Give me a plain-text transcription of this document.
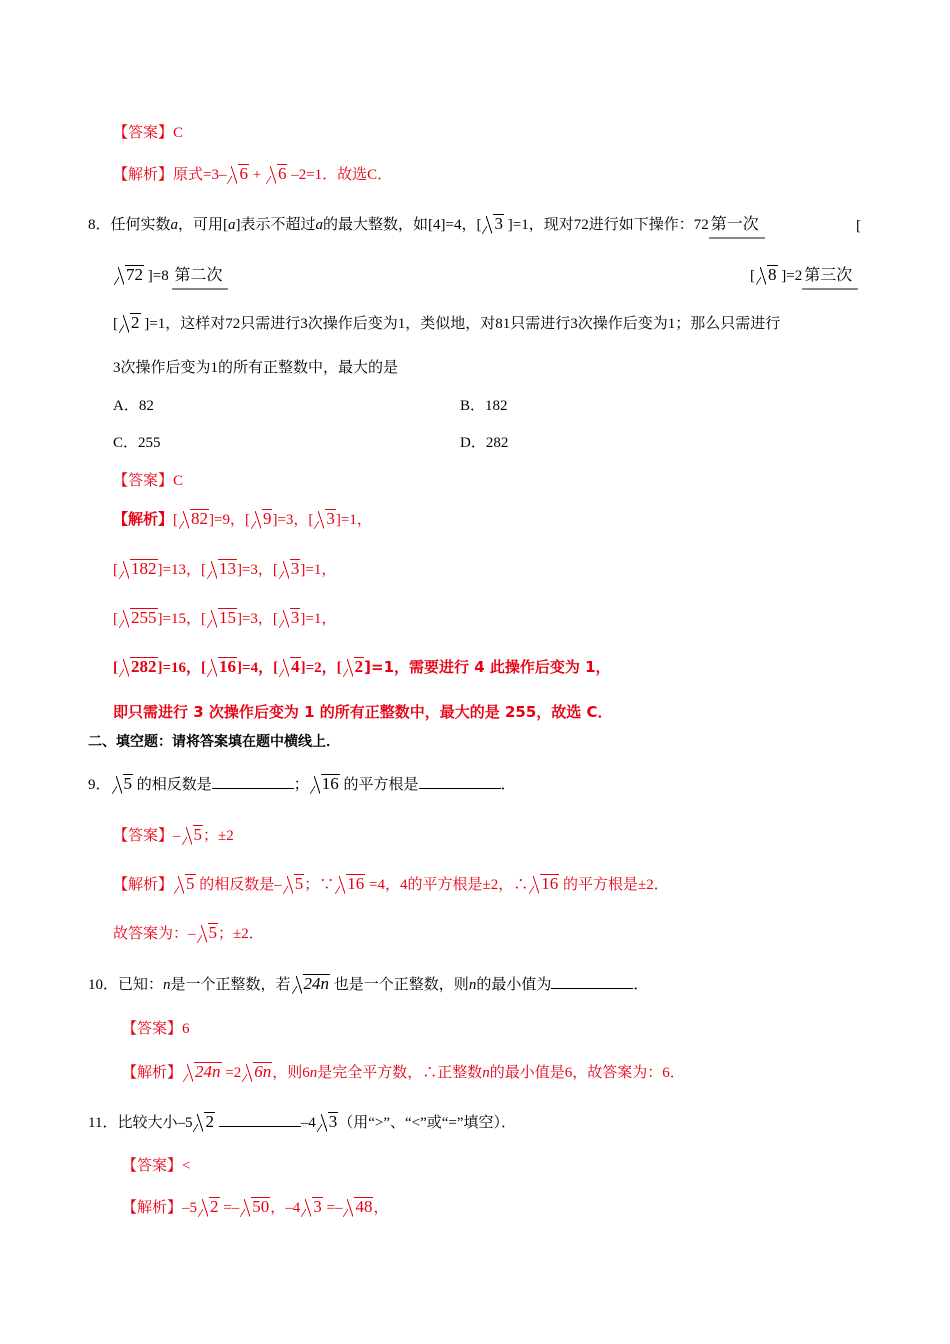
【答案】C
【解析】原式=3– 6 + 6 –2=1．故选C．
8．任何实数a，可用[a]表示不超过a的最大整数，如[4]=4，[ 3 ]=1，现对72进行如下操作：72 第一次	[
72 ]=8 第二次	[ 8 ]=2 第三次
[ 2 ]=1，这样对72只需进行3次操作后变为1，类似地，对81只需进行3次操作后变为1；那么只需进行
3次操作后变为1的所有正整数中，最大的是
A．82	B．182
C．255	D．282
【答案】C
【解析】[ 82]=9，[ 9]=3，[ 3]=1，
[ 182]=13，[ 13]=3，[ 3]=1，
[ 255]=15，[ 15]=3，[ 3]=1，
[ 282]=16，[ 16]=4，[ 4]=2，[ 2]=1，需要进行 4 此操作后变为 1，
即只需进行 3 次操作后变为 1 的所有正整数中，最大的是 255，故选 C．
二、填空题：请将答案填在题中横线上．
9． 5 的相反数是	； 16 的平方根是	．
【答案】– 5；±2
【解析】 5 的相反数是– 5；∵ 16 =4，4的平方根是±2，∴ 16 的平方根是±2．
故答案为：– 5；±2．
10．已知：n是一个正整数，若 24n 也是一个正整数，则n的最小值为	．
【答案】6
【解析】 24n =2 6n，则6n是完全平方数，∴正整数n的最小值是6，故答案为：6．
11．比较大小–5 2	–4 3（用“>”、“<”或“=”填空）．
【答案】<
【解析】–5 2 =– 50，–4 3 =– 48，
